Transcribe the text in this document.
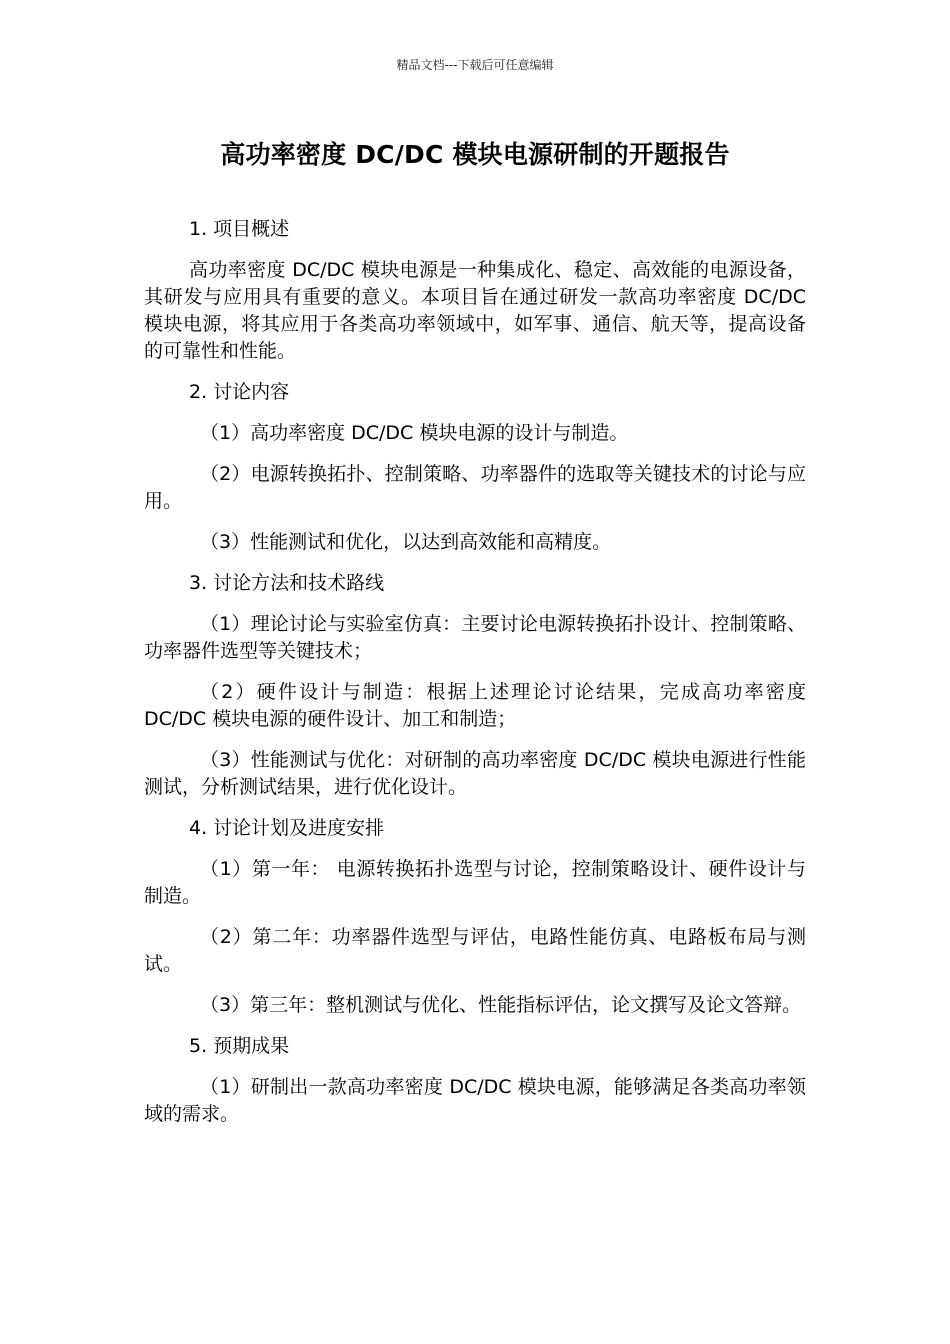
精品文档---下载后可任意编辑
高功率密度 DC/DC 模块电源研制的开题报告

1. 项目概述

高功率密度 DC/DC 模块电源是一种集成化、稳定、高效能的电源设备，其研发与应用具有重要的意义。本项目旨在通过研发一款高功率密度 DC/DC 模块电源，将其应用于各类高功率领域中，如军事、通信、航天等，提高设备的可靠性和性能。

2. 讨论内容

（1）高功率密度 DC/DC 模块电源的设计与制造。

（2）电源转换拓扑、控制策略、功率器件的选取等关键技术的讨论与应用。

（3）性能测试和优化，以达到高效能和高精度。

3. 讨论方法和技术路线

（1）理论讨论与实验室仿真：主要讨论电源转换拓扑设计、控制策略、功率器件选型等关键技术；

（2）硬件设计与制造：根据上述理论讨论结果，完成高功率密度 DC/DC 模块电源的硬件设计、加工和制造；

（3）性能测试与优化：对研制的高功率密度 DC/DC 模块电源进行性能测试，分析测试结果，进行优化设计。

4. 讨论计划及进度安排

（1）第一年： 电源转换拓扑选型与讨论，控制策略设计、硬件设计与制造。

（2）第二年：功率器件选型与评估，电路性能仿真、电路板布局与测试。

（3）第三年：整机测试与优化、性能指标评估，论文撰写及论文答辩。

5. 预期成果

（1）研制出一款高功率密度 DC/DC 模块电源，能够满足各类高功率领域的需求。
